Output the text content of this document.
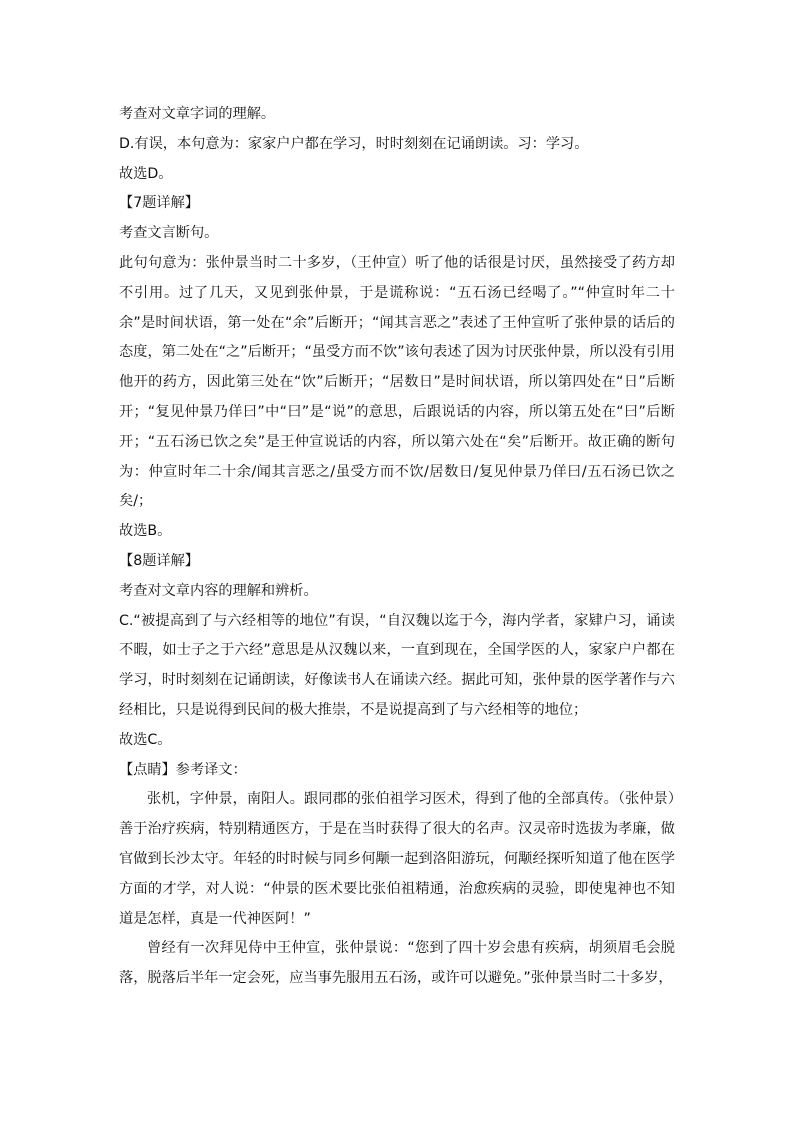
考查对文章字词的理解。

D.有误，本句意为：家家户户都在学习，时时刻刻在记诵朗读。习：学习。

故选D。

【7题详解】

考查文言断句。

此句句意为：张仲景当时二十多岁，（王仲宣）听了他的话很是讨厌，虽然接受了药方却不引用。过了几天，又见到张仲景，于是谎称说：“五石汤已经喝了。”“仲宣时年二十余”是时间状语，第一处在“余”后断开；“闻其言恶之”表述了王仲宣听了张仲景的话后的态度，第二处在“之”后断开；“虽受方而不饮”该句表述了因为讨厌张仲景，所以没有引用他开的药方，因此第三处在“饮”后断开；“居数日”是时间状语，所以第四处在“日”后断开；“复见仲景乃佯曰”中“曰”是“说”的意思，后跟说话的内容，所以第五处在“曰”后断开；“五石汤已饮之矣”是王仲宣说话的内容，所以第六处在“矣”后断开。故正确的断句为：仲宣时年二十余/闻其言恶之/虽受方而不饮/居数日/复见仲景乃佯曰/五石汤已饮之矣/；

故选B。

【8题详解】

考查对文章内容的理解和辨析。

C.“被提高到了与六经相等的地位”有误，“自汉魏以迄于今，海内学者，家肄户习，诵读不暇，如士子之于六经”意思是从汉魏以来，一直到现在，全国学医的人，家家户户都在学习，时时刻刻在记诵朗读，好像读书人在诵读六经。据此可知，张仲景的医学著作与六经相比，只是说得到民间的极大推崇，不是说提高到了与六经相等的地位；

故选C。

【点睛】参考译文：

张机，字仲景，南阳人。跟同郡的张伯祖学习医术，得到了他的全部真传。（张仲景）善于治疗疾病，特别精通医方，于是在当时获得了很大的名声。汉灵帝时选拔为孝廉，做官做到长沙太守。年轻的时时候与同乡何颙一起到洛阳游玩，何颙经探听知道了他在医学方面的才学，对人说：“仲景的医术要比张伯祖精通，治愈疾病的灵验，即使鬼神也不知道是怎样，真是一代神医阿！”

曾经有一次拜见侍中王仲宣，张仲景说：“您到了四十岁会患有疾病，胡须眉毛会脱落，脱落后半年一定会死，应当事先服用五石汤，或许可以避免。”张仲景当时二十多岁，
